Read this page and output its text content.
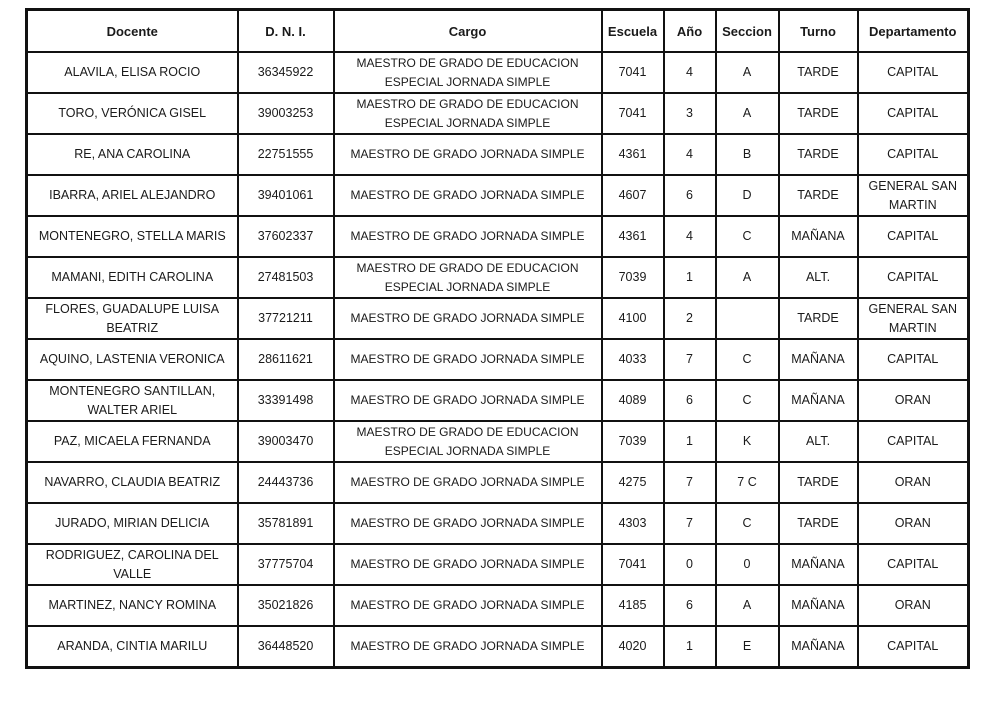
Docente	D. N. I.	Cargo	Escuela	Año	Seccion	Turno	Departamento
ALAVILA, ELISA ROCIO	36345922	MAESTRO DE GRADO DE EDUCACION ESPECIAL JORNADA SIMPLE	7041	4	A	TARDE	CAPITAL
TORO, VERÓNICA GISEL	39003253	MAESTRO DE GRADO DE EDUCACION ESPECIAL JORNADA SIMPLE	7041	3	A	TARDE	CAPITAL
RE, ANA CAROLINA	22751555	MAESTRO DE GRADO JORNADA SIMPLE	4361	4	B	TARDE	CAPITAL
IBARRA, ARIEL ALEJANDRO	39401061	MAESTRO DE GRADO JORNADA SIMPLE	4607	6	D	TARDE	GENERAL SAN MARTIN
MONTENEGRO, STELLA MARIS	37602337	MAESTRO DE GRADO JORNADA SIMPLE	4361	4	C	MAÑANA	CAPITAL
MAMANI, EDITH CAROLINA	27481503	MAESTRO DE GRADO DE EDUCACION ESPECIAL JORNADA SIMPLE	7039	1	A	ALT.	CAPITAL
FLORES, GUADALUPE LUISA BEATRIZ	37721211	MAESTRO DE GRADO JORNADA SIMPLE	4100	2		TARDE	GENERAL SAN MARTIN
AQUINO, LASTENIA VERONICA	28611621	MAESTRO DE GRADO JORNADA SIMPLE	4033	7	C	MAÑANA	CAPITAL
MONTENEGRO SANTILLAN, WALTER ARIEL	33391498	MAESTRO DE GRADO JORNADA SIMPLE	4089	6	C	MAÑANA	ORAN
PAZ, MICAELA FERNANDA	39003470	MAESTRO DE GRADO DE EDUCACION ESPECIAL JORNADA SIMPLE	7039	1	K	ALT.	CAPITAL
NAVARRO, CLAUDIA BEATRIZ	24443736	MAESTRO DE GRADO JORNADA SIMPLE	4275	7	7 C	TARDE	ORAN
JURADO, MIRIAN DELICIA	35781891	MAESTRO DE GRADO JORNADA SIMPLE	4303	7	C	TARDE	ORAN
RODRIGUEZ, CAROLINA DEL VALLE	37775704	MAESTRO DE GRADO JORNADA SIMPLE	7041	0	0	MAÑANA	CAPITAL
MARTINEZ, NANCY ROMINA	35021826	MAESTRO DE GRADO JORNADA SIMPLE	4185	6	A	MAÑANA	ORAN
ARANDA, CINTIA MARILU	36448520	MAESTRO DE GRADO JORNADA SIMPLE	4020	1	E	MAÑANA	CAPITAL
